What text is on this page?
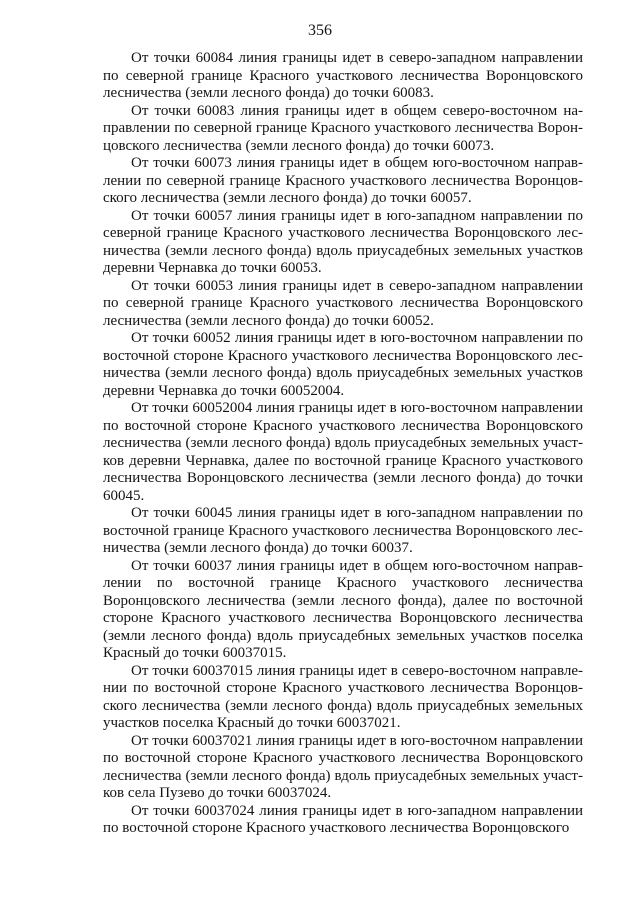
356

От точки 60084 линия границы идет в северо-западном направлении по северной границе Красного участкового лесничества Воронцовского лесничества (земли лесного фонда) до точки 60083.

От точки 60083 линия границы идет в общем северо-восточном направлении по северной границе Красного участкового лесничества Воронцовского лесничества (земли лесного фонда) до точки 60073.

От точки 60073 линия границы идет в общем юго-восточном направлении по северной границе Красного участкового лесничества Воронцовского лесничества (земли лесного фонда) до точки 60057.

От точки 60057 линия границы идет в юго-западном направлении по северной границе Красного участкового лесничества Воронцовского лесничества (земли лесного фонда) вдоль приусадебных земельных участков деревни Чернавка до точки 60053.

От точки 60053 линия границы идет в северо-западном направлении по северной границе Красного участкового лесничества Воронцовского лесничества (земли лесного фонда) до точки 60052.

От точки 60052 линия границы идет в юго-восточном направлении по восточной стороне Красного участкового лесничества Воронцовского лесничества (земли лесного фонда) вдоль приусадебных земельных участков деревни Чернавка до точки 60052004.

От точки 60052004 линия границы идет в юго-восточном направлении по восточной стороне Красного участкового лесничества Воронцовского лесничества (земли лесного фонда) вдоль приусадебных земельных участков деревни Чернавка, далее по восточной границе Красного участкового лесничества Воронцовского лесничества (земли лесного фонда) до точки 60045.

От точки 60045 линия границы идет в юго-западном направлении по восточной границе Красного участкового лесничества Воронцовского лесничества (земли лесного фонда) до точки 60037.

От точки 60037 линия границы идет в общем юго-восточном направлении по восточной границе Красного участкового лесничества Воронцовского лесничества (земли лесного фонда), далее по восточной стороне Красного участкового лесничества Воронцовского лесничества (земли лесного фонда) вдоль приусадебных земельных участков поселка Красный до точки 60037015.

От точки 60037015 линия границы идет в северо-восточном направлении по восточной стороне Красного участкового лесничества Воронцовского лесничества (земли лесного фонда) вдоль приусадебных земельных участков поселка Красный до точки 60037021.

От точки 60037021 линия границы идет в юго-восточном направлении по восточной стороне Красного участкового лесничества Воронцовского лесничества (земли лесного фонда) вдоль приусадебных земельных участков села Пузево до точки 60037024.

От точки 60037024 линия границы идет в юго-западном направлении по восточной стороне Красного участкового лесничества Воронцовского
